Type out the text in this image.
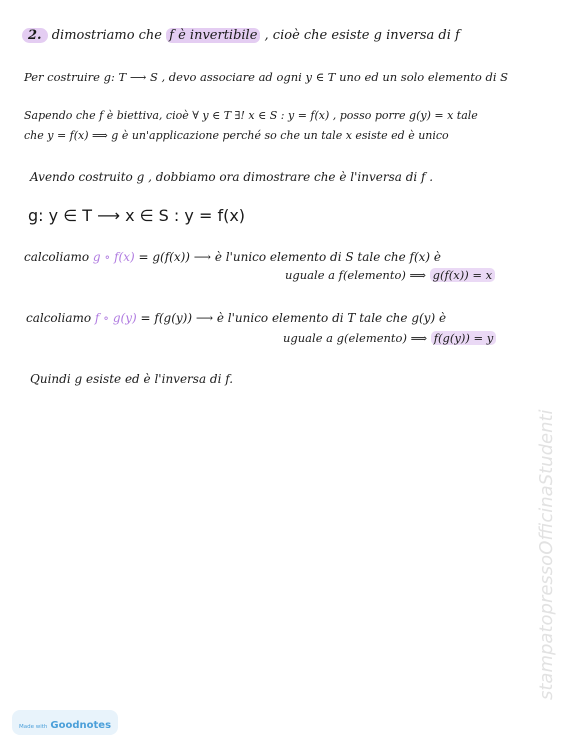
2. dimostriamo che f è invertibile , cioè che esiste g inversa di f
Per costruire g: T ⟶ S , devo associare ad ogni y ∈ T uno ed un solo elemento di S
Sapendo che f è biettiva, cioè ∀ y ∈ T ∃! x ∈ S : y = f(x) , posso porre g(y) = x tale
che y = f(x) ⟹ g è un'applicazione perché so che un tale x esiste ed è unico
Avendo costruito g , dobbiamo ora dimostrare che è l'inversa di f .
g: y ∈ T ⟶ x ∈ S : y = f(x)
calcoliamo g ∘ f(x) = g(f(x)) ⟶ è l'unico elemento di S tale che f(x) è
uguale a f(elemento) ⟹ g(f(x)) = x
calcoliamo f ∘ g(y) = f(g(y)) ⟶ è l'unico elemento di T tale che g(y) è
uguale a g(elemento) ⟹ f(g(y)) = y
Quindi g esiste ed è l'inversa di f.
stampatopressoOfficinaStudenti
Made with Goodnotes
